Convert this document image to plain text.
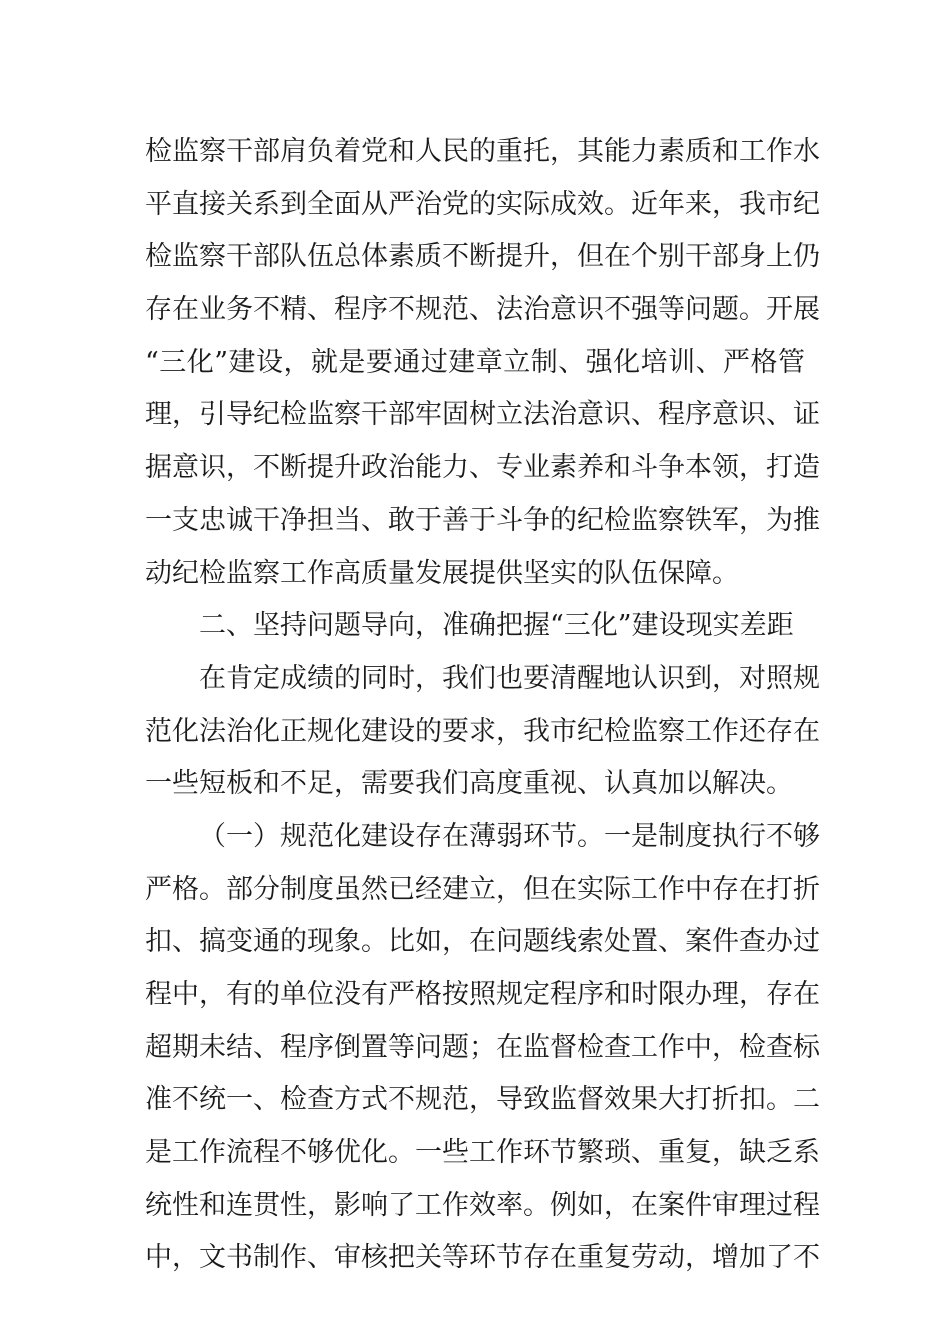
检监察干部肩负着党和人民的重托，其能力素质和工作水
平直接关系到全面从严治党的实际成效。近年来，我市纪
检监察干部队伍总体素质不断提升，但在个别干部身上仍
存在业务不精、程序不规范、法治意识不强等问题。开展
“三化”建设，就是要通过建章立制、强化培训、严格管
理，引导纪检监察干部牢固树立法治意识、程序意识、证
据意识，不断提升政治能力、专业素养和斗争本领，打造
一支忠诚干净担当、敢于善于斗争的纪检监察铁军，为推
动纪检监察工作高质量发展提供坚实的队伍保障。
二、坚持问题导向，准确把握“三化”建设现实差距
在肯定成绩的同时，我们也要清醒地认识到，对照规
范化法治化正规化建设的要求，我市纪检监察工作还存在
一些短板和不足，需要我们高度重视、认真加以解决。
（一）规范化建设存在薄弱环节。一是制度执行不够
严格。部分制度虽然已经建立，但在实际工作中存在打折
扣、搞变通的现象。比如，在问题线索处置、案件查办过
程中，有的单位没有严格按照规定程序和时限办理，存在
超期未结、程序倒置等问题；在监督检查工作中，检查标
准不统一、检查方式不规范，导致监督效果大打折扣。二
是工作流程不够优化。一些工作环节繁琐、重复，缺乏系
统性和连贯性，影响了工作效率。例如，在案件审理过程
中，文书制作、审核把关等环节存在重复劳动，增加了不
